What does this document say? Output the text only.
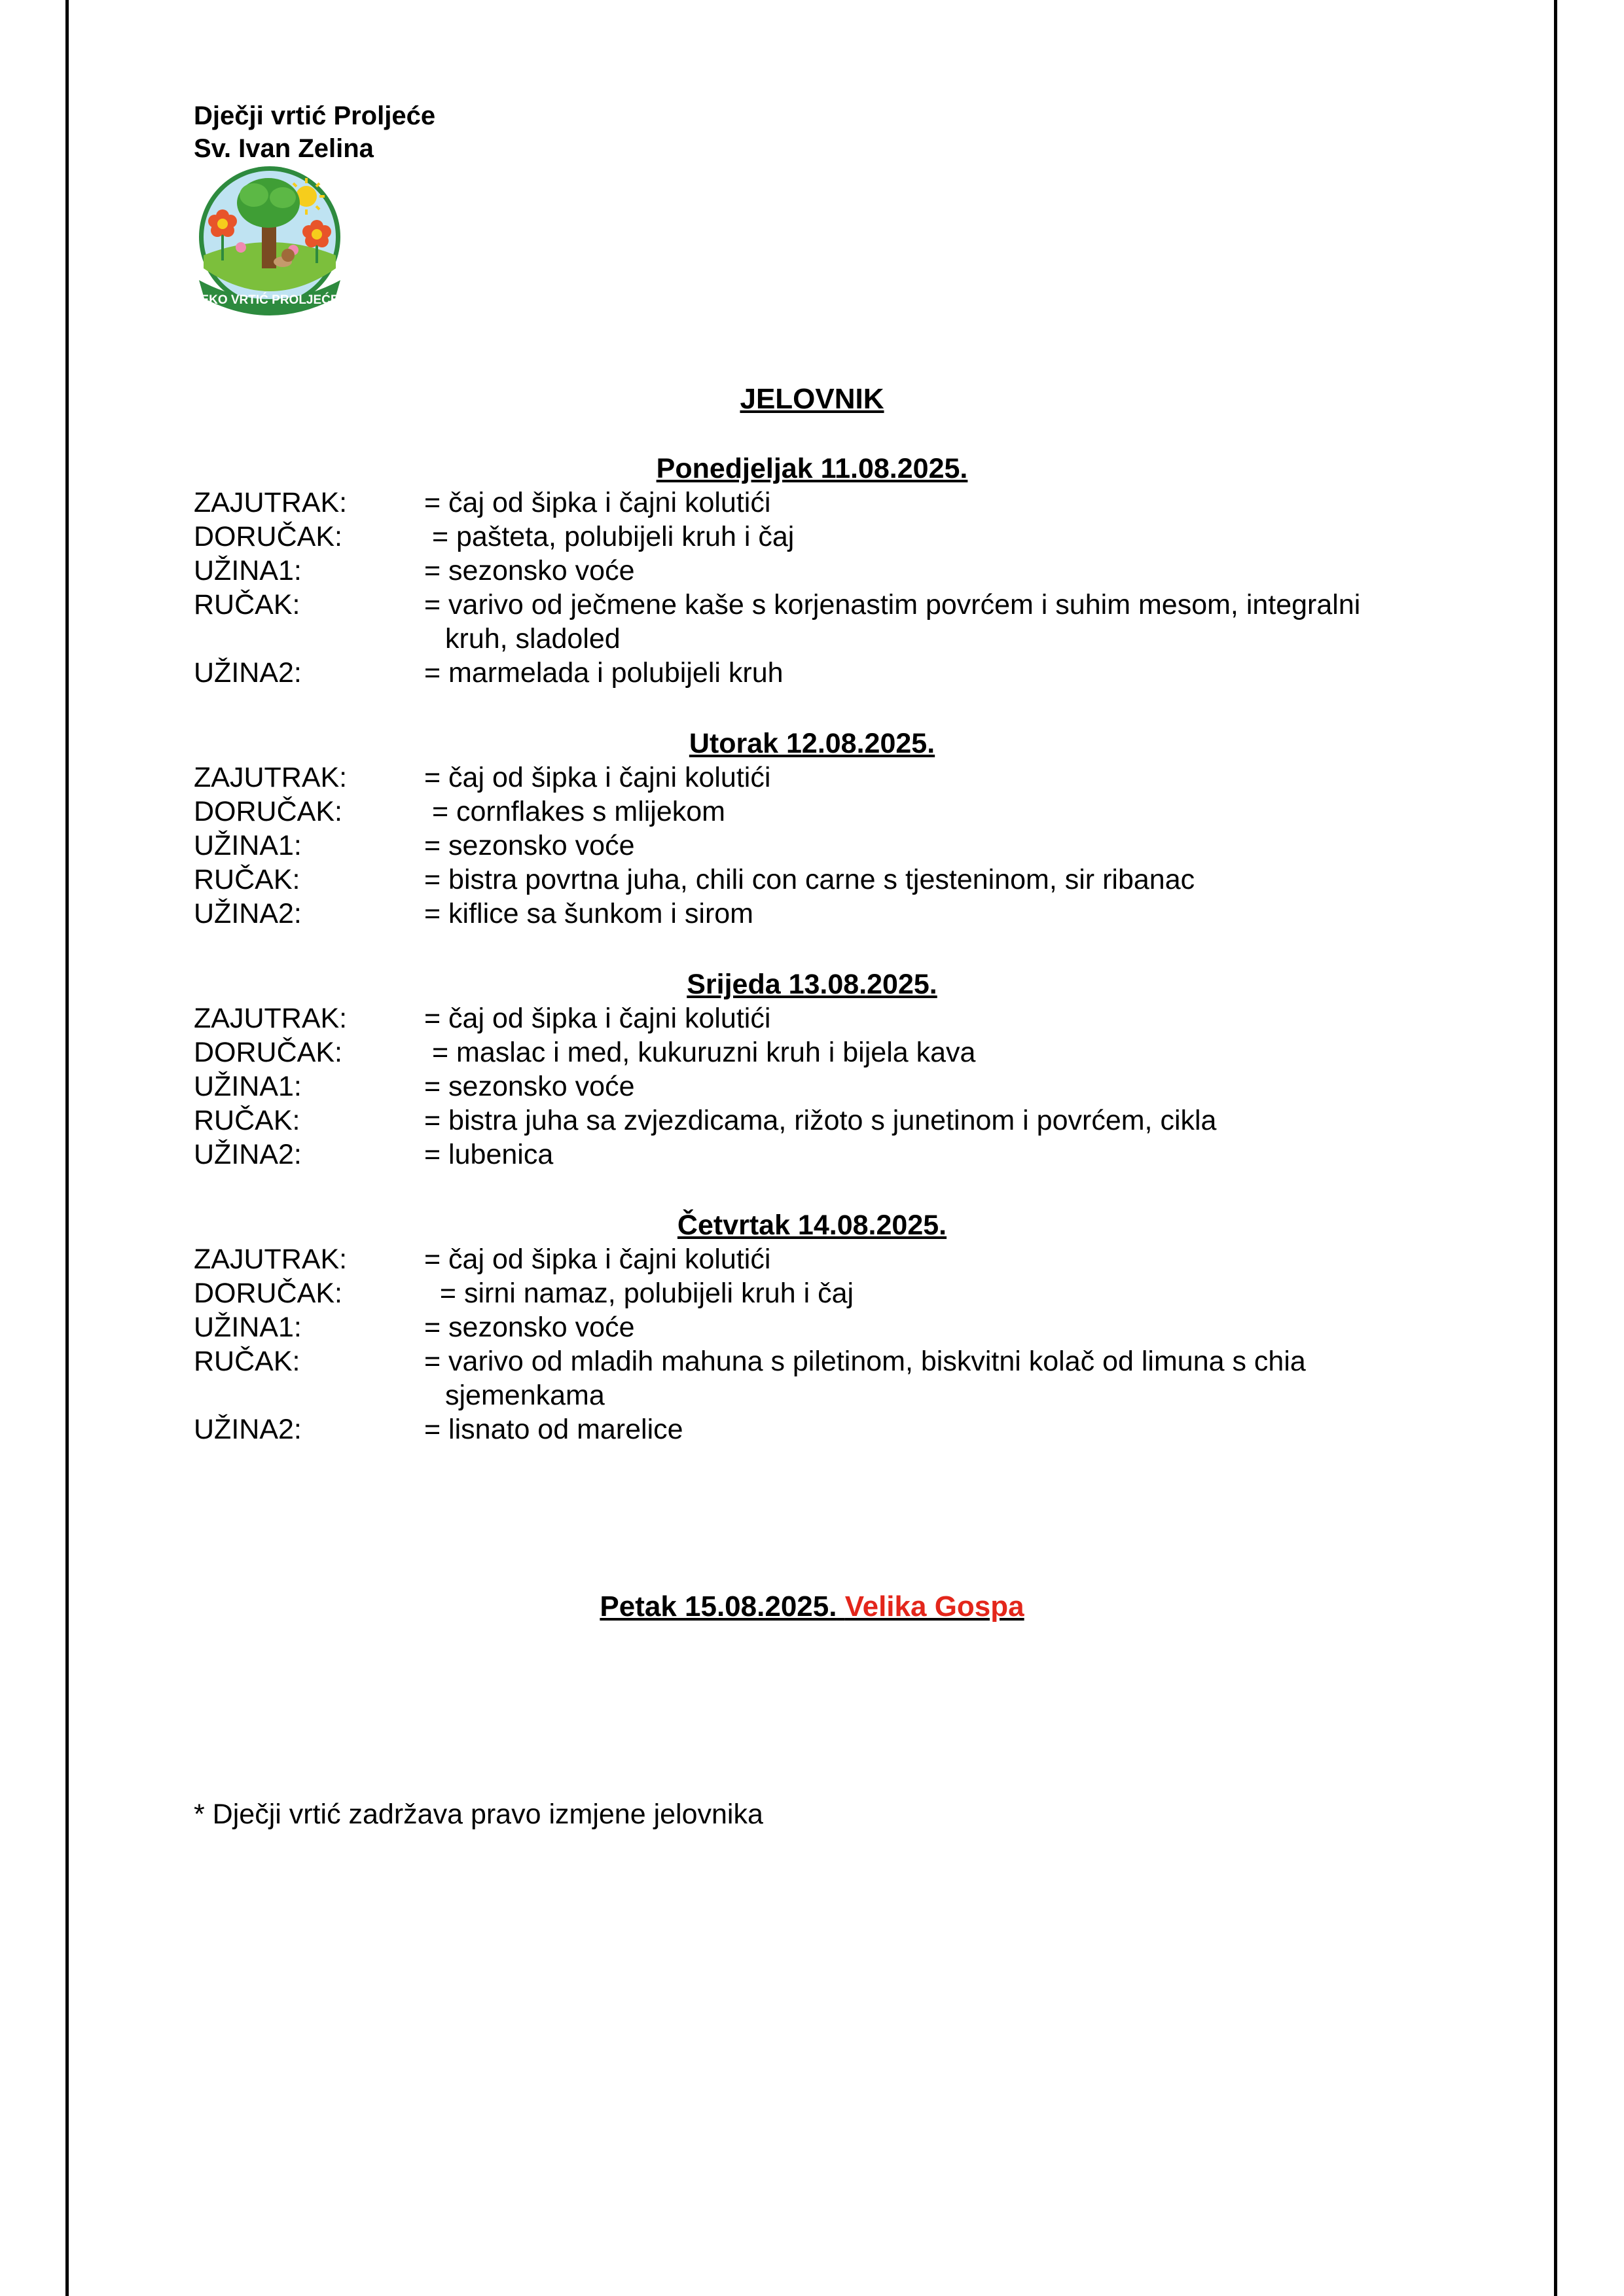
Dječji vrtić Proljeće
Sv. Ivan Zelina
EKO VRTIĆ PROLJEĆE
JELOVNIK
Ponedjeljak 11.08.2025.
ZAJUTRAK:	= čaj od šipka i čajni kolutići
DORUČAK:	= pašteta, polubijeli kruh i čaj
UŽINA1:	= sezonsko voće
RUČAK:	= varivo od ječmene kaše s korjenastim povrćem i suhim mesom, integralni
kruh, sladoled
UŽINA2:	= marmelada i polubijeli kruh
Utorak 12.08.2025.
ZAJUTRAK:	= čaj od šipka i čajni kolutići
DORUČAK:	= cornflakes s mlijekom
UŽINA1:	= sezonsko voće
RUČAK:	= bistra povrtna juha, chili con carne s tjesteninom, sir ribanac
UŽINA2:	= kiflice sa šunkom i sirom
Srijeda 13.08.2025.
ZAJUTRAK:	= čaj od šipka i čajni kolutići
DORUČAK:	= maslac i med, kukuruzni kruh i bijela kava
UŽINA1:	= sezonsko voće
RUČAK:	= bistra juha sa zvjezdicama, rižoto s junetinom i povrćem, cikla
UŽINA2:	= lubenica
Četvrtak 14.08.2025.
ZAJUTRAK:	= čaj od šipka i čajni kolutići
DORUČAK:	= sirni namaz, polubijeli kruh i čaj
UŽINA1:	= sezonsko voće
RUČAK:	= varivo od mladih mahuna s piletinom, biskvitni kolač od limuna s chia
sjemenkama
UŽINA2:	= lisnato od marelice
Petak 15.08.2025. Velika Gospa
* Dječji vrtić zadržava pravo izmjene jelovnika
